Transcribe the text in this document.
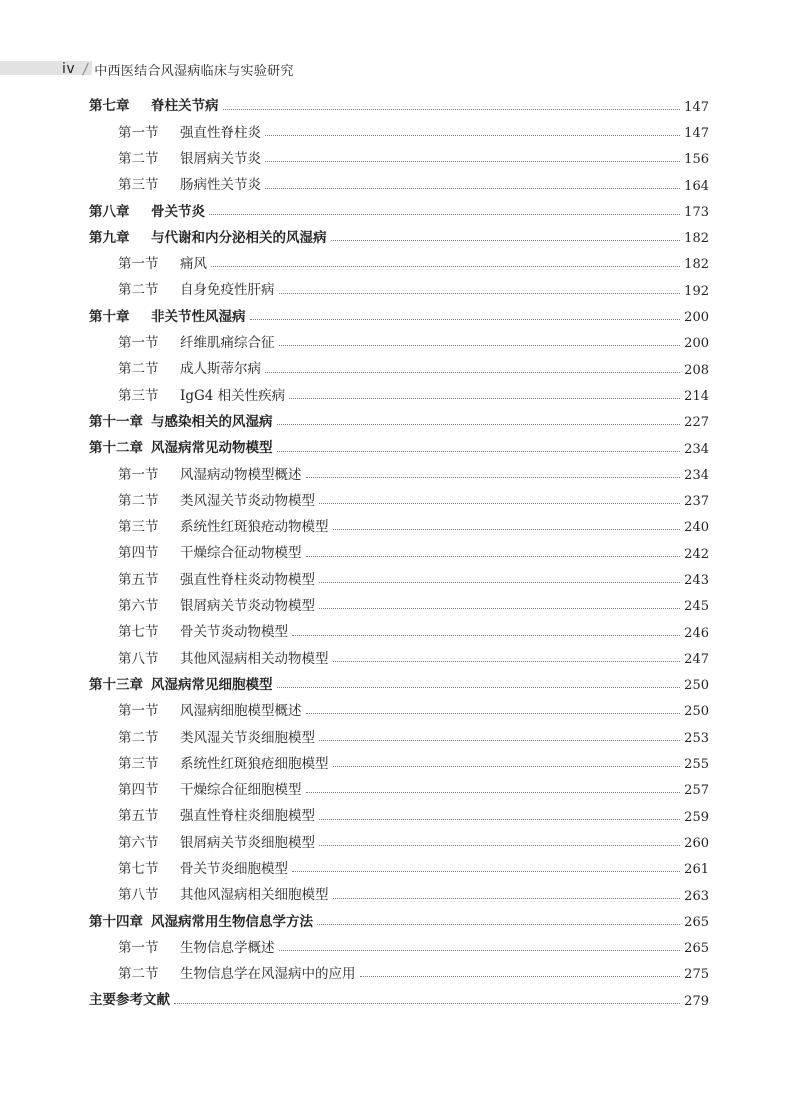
iv / 中西医结合风湿病临床与实验研究
第七章	脊柱关节病	147
第一节	强直性脊柱炎	147
第二节	银屑病关节炎	156
第三节	肠病性关节炎	164
第八章	骨关节炎	173
第九章	与代谢和内分泌相关的风湿病	182
第一节	痛风	182
第二节	自身免疫性肝病	192
第十章	非关节性风湿病	200
第一节	纤维肌痛综合征	200
第二节	成人斯蒂尔病	208
第三节	IgG4 相关性疾病	214
第十一章 与感染相关的风湿病	227
第十二章 风湿病常见动物模型	234
第一节	风湿病动物模型概述	234
第二节	类风湿关节炎动物模型	237
第三节	系统性红斑狼疮动物模型	240
第四节	干燥综合征动物模型	242
第五节	强直性脊柱炎动物模型	243
第六节	银屑病关节炎动物模型	245
第七节	骨关节炎动物模型	246
第八节	其他风湿病相关动物模型	247
第十三章 风湿病常见细胞模型	250
第一节	风湿病细胞模型概述	250
第二节	类风湿关节炎细胞模型	253
第三节	系统性红斑狼疮细胞模型	255
第四节	干燥综合征细胞模型	257
第五节	强直性脊柱炎细胞模型	259
第六节	银屑病关节炎细胞模型	260
第七节	骨关节炎细胞模型	261
第八节	其他风湿病相关细胞模型	263
第十四章 风湿病常用生物信息学方法	265
第一节	生物信息学概述	265
第二节	生物信息学在风湿病中的应用	275
主要参考文献	279
